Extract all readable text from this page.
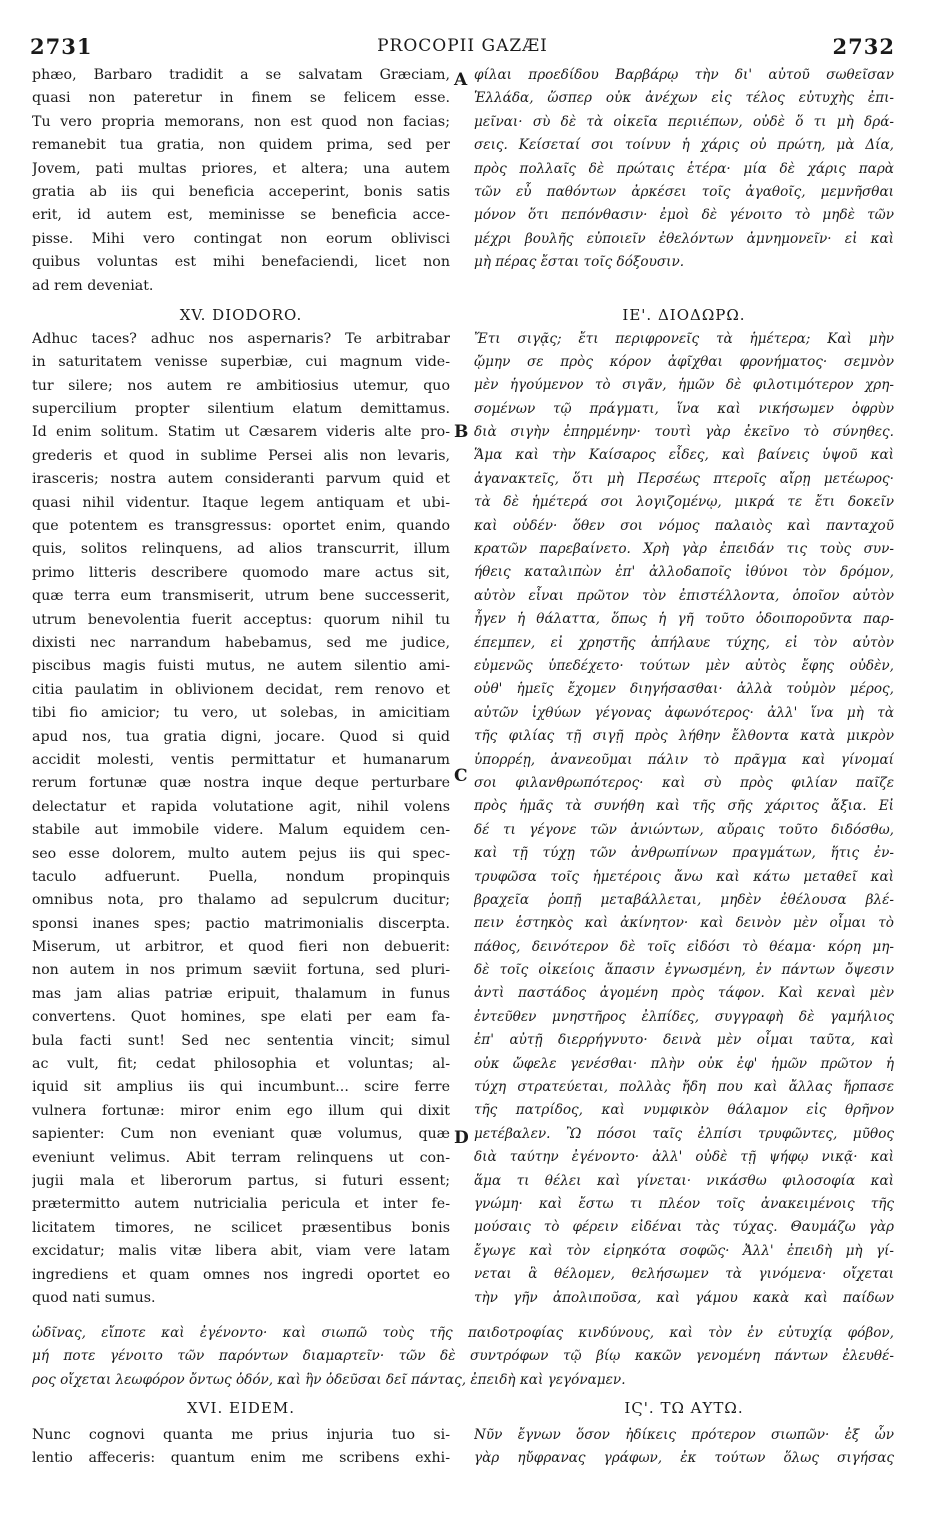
2731	PROCOPII GAZÆI	2732
phæo, Barbaro tradidit a se salvatam Græciam,
quasi non pateretur in finem se felicem esse.
Tu vero propria memorans, non est quod non facias;
remanebit tua gratia, non quidem prima, sed per
Jovem, pati multas priores, et altera; una autem
gratia ab iis qui beneficia acceperint, bonis satis
erit, id autem est, meminisse se beneficia acce-
pisse. Mihi vero contingat non eorum oblivisci
quibus voluntas est mihi benefaciendi, licet non
ad rem deveniat.
XV. DIODORO.
Adhuc taces? adhuc nos aspernaris? Te arbitrabar
in saturitatem venisse superbiæ, cui magnum vide-
tur silere; nos autem re ambitiosius utemur, quo
supercilium propter silentium elatum demittamus.
Id enim solitum. Statim ut Cæsarem videris alte pro-
grederis et quod in sublime Persei alis non levaris,
irasceris; nostra autem consideranti parvum quid et
quasi nihil videntur. Itaque legem antiquam et ubi-
que potentem es transgressus: oportet enim, quando
quis, solitos relinquens, ad alios transcurrit, illum
primo litteris describere quomodo mare actus sit,
quæ terra eum transmiserit, utrum bene successerit,
utrum benevolentia fuerit acceptus: quorum nihil tu
dixisti nec narrandum habebamus, sed me judice,
piscibus magis fuisti mutus, ne autem silentio ami-
citia paulatim in oblivionem decidat, rem renovo et
tibi fio amicior; tu vero, ut solebas, in amicitiam
apud nos, tua gratia digni, jocare. Quod si quid
accidit molesti, ventis permittatur et humanarum
rerum fortunæ quæ nostra inque deque perturbare
delectatur et rapida volutatione agit, nihil volens
stabile aut immobile videre. Malum equidem cen-
seo esse dolorem, multo autem pejus iis qui spec-
taculo adfuerunt. Puella, nondum propinquis
omnibus nota, pro thalamo ad sepulcrum ducitur;
sponsi inanes spes; pactio matrimonialis discerpta.
Miserum, ut arbitror, et quod fieri non debuerit:
non autem in nos primum sæviit fortuna, sed pluri-
mas jam alias patriæ eripuit, thalamum in funus
convertens. Quot homines, spe elati per eam fa-
bula facti sunt! Sed nec sententia vincit; simul
ac vult, fit; cedat philosophia et voluntas; al-
iquid sit amplius iis qui incumbunt... scire ferre
vulnera fortunæ: miror enim ego illum qui dixit
sapienter: Cum non eveniant quæ volumus, quæ
eveniunt velimus. Abit terram relinquens ut con-
jugii mala et liberorum partus, si futuri essent;
prætermitto autem nutricialia pericula et inter fe-
licitatem timores, ne scilicet præsentibus bonis
excidatur; malis vitæ libera abit, viam vere latam
ingrediens et quam omnes nos ingredi oportet eo
quod nati sumus.
φίλαι προεδίδου Βαρβάρῳ τὴν δι' αὐτοῦ σωθεῖσαν
Ἑλλάδα, ὥσπερ οὐκ ἀνέχων εἰς τέλος εὐτυχὴς ἐπι-
μεῖναι· σὺ δὲ τὰ οἰκεῖα περιιέπων, οὐδὲ ὅ τι μὴ δρά-
σεις. Κείσεταί σοι τοίνυν ἡ χάρις οὐ πρώτη, μὰ Δία,
πρὸς πολλαῖς δὲ πρώταις ἑτέρα· μία δὲ χάρις παρὰ
τῶν εὖ παθόντων ἀρκέσει τοῖς ἀγαθοῖς, μεμνῆσθαι
μόνον ὅτι πεπόνθασιν· ἐμοὶ δὲ γένοιτο τὸ μηδὲ τῶν
μέχρι βουλῆς εὐποιεῖν ἐθελόντων ἀμνημονεῖν· εἰ καὶ
μὴ πέρας ἔσται τοῖς δόξουσιν.
ΙΕ'. ΔΙΟΔΩΡΩ.
Ἔτι σιγᾷς; ἔτι περιφρονεῖς τὰ ἡμέτερα; Καὶ μὴν
ᾤμην σε πρὸς κόρον ἀφῖχθαι φρονήματος· σεμνὸν
μὲν ἡγούμενον τὸ σιγᾶν, ἡμῶν δὲ φιλοτιμότερον χρη-
σομένων τῷ πράγματι, ἵνα καὶ νικήσωμεν ὀφρὺν
διὰ σιγὴν ἐπηρμένην· τουτὶ γὰρ ἐκεῖνο τὸ σύνηθες.
Ἅμα καὶ τὴν Καίσαρος εἶδες, καὶ βαίνεις ὑψοῦ καὶ
ἀγανακτεῖς, ὅτι μὴ Περσέως πτεροῖς αἴρῃ μετέωρος·
τὰ δὲ ἡμέτερά σοι λογιζομένῳ, μικρά τε ἔτι δοκεῖν
καὶ οὐδέν· ὅθεν σοι νόμος παλαιὸς καὶ πανταχοῦ
κρατῶν παρεβαίνετο. Χρὴ γὰρ ἐπειδάν τις τοὺς συν-
ήθεις καταλιπὼν ἐπ' ἀλλοδαποῖς ἰθύνοι τὸν δρόμον,
αὐτὸν εἶναι πρῶτον τὸν ἐπιστέλλοντα, ὁποῖον αὐτὸν
ἦγεν ἡ θάλαττα, ὅπως ἡ γῆ τοῦτο ὁδοιποροῦντα παρ-
έπεμπεν, εἰ χρηστῆς ἀπήλαυε τύχης, εἰ τὸν αὐτὸν
εὐμενῶς ὑπεδέχετο· τούτων μὲν αὐτὸς ἔφης οὐδὲν,
οὐθ' ἡμεῖς ἔχομεν διηγήσασθαι· ἀλλὰ τοὐμὸν μέρος,
αὐτῶν ἰχθύων γέγονας ἀφωνότερος· ἀλλ' ἵνα μὴ τὰ
τῆς φιλίας τῇ σιγῇ πρὸς λήθην ἔλθοντα κατὰ μικρὸν
ὑπορρέῃ, ἀνανεοῦμαι πάλιν τὸ πρᾶγμα καὶ γίνομαί
σοι φιλανθρωπότερος· καὶ σὺ πρὸς φιλίαν παῖζε
πρὸς ἡμᾶς τὰ συνήθη καὶ τῆς σῆς χάριτος ἄξια. Εἰ
δέ τι γέγονε τῶν ἀνιώντων, αὔραις τοῦτο διδόσθω,
καὶ τῇ τύχῃ τῶν ἀνθρωπίνων πραγμάτων, ἥτις ἐν-
τρυφῶσα τοῖς ἡμετέροις ἄνω καὶ κάτω μεταθεῖ καὶ
βραχεῖα ῥοπῇ μεταβάλλεται, μηδὲν ἐθέλουσα βλέ-
πειν ἑστηκὸς καὶ ἀκίνητον· καὶ δεινὸν μὲν οἶμαι τὸ
πάθος, δεινότερον δὲ τοῖς εἰδόσι τὸ θέαμα· κόρη μη-
δὲ τοῖς οἰκείοις ἅπασιν ἐγνωσμένη, ἐν πάντων ὄψεσιν
ἀντὶ παστάδος ἀγομένη πρὸς τάφον. Καὶ κεναὶ μὲν
ἐντεῦθεν μνηστῆρος ἐλπίδες, συγγραφὴ δὲ γαμήλιος
ἐπ' αὐτῇ διερρήγνυτο· δεινὰ μὲν οἶμαι ταῦτα, καὶ
οὐκ ὤφελε γενέσθαι· πλὴν οὐκ ἐφ' ἡμῶν πρῶτον ἡ
τύχη στρατεύεται, πολλὰς ἤδη που καὶ ἄλλας ἥρπασε
τῆς πατρίδος, καὶ νυμφικὸν θάλαμον εἰς θρῆνον
μετέβαλεν. Ὢ πόσοι ταῖς ἐλπίσι τρυφῶντες, μῦθος
διὰ ταύτην ἐγένοντο· ἀλλ' οὐδὲ τῇ ψήφῳ νικᾷ· καὶ
ἅμα τι θέλει καὶ γίνεται· νικάσθω φιλοσοφία καὶ
γνώμη· καὶ ἔστω τι πλέον τοῖς ἀνακειμένοις τῆς
μούσαις τὸ φέρειν εἰδέναι τὰς τύχας. Θαυμάζω γὰρ
ἔγωγε καὶ τὸν εἰρηκότα σοφῶς· Ἀλλ' ἐπειδὴ μὴ γί-
νεται ἃ θέλομεν, θελήσωμεν τὰ γινόμενα· οἴχεται
τὴν γῆν ἀπολιποῦσα, καὶ γάμου κακὰ καὶ παίδων
ὠδῖνας, εἴποτε καὶ ἐγένοντο· καὶ σιωπῶ τοὺς τῆς παιδοτροφίας κινδύνους, καὶ τὸν ἐν εὐτυχίᾳ φόβον,
μή ποτε γένοιτο τῶν παρόντων διαμαρτεῖν· τῶν δὲ συντρόφων τῷ βίῳ κακῶν γενομένη πάντων ἐλευθέ-
ρος οἴχεται λεωφόρον ὄντως ὁδόν, καὶ ἣν ὁδεῦσαι δεῖ πάντας, ἐπειδὴ καὶ γεγόναμεν.
XVI. EIDEM.	ΙϚ'. ΤΩ ΑΥΤΩ.
Nunc cognovi quanta me prius injuria tuo si-
lentio affeceris: quantum enim me scribens exhi-
Νῦν ἔγνων ὅσον ἠδίκεις πρότερον σιωπῶν· ἐξ ὧν
γὰρ ηὔφρανας γράφων, ἐκ τούτων ὅλως σιγήσας
A
B
C
D
